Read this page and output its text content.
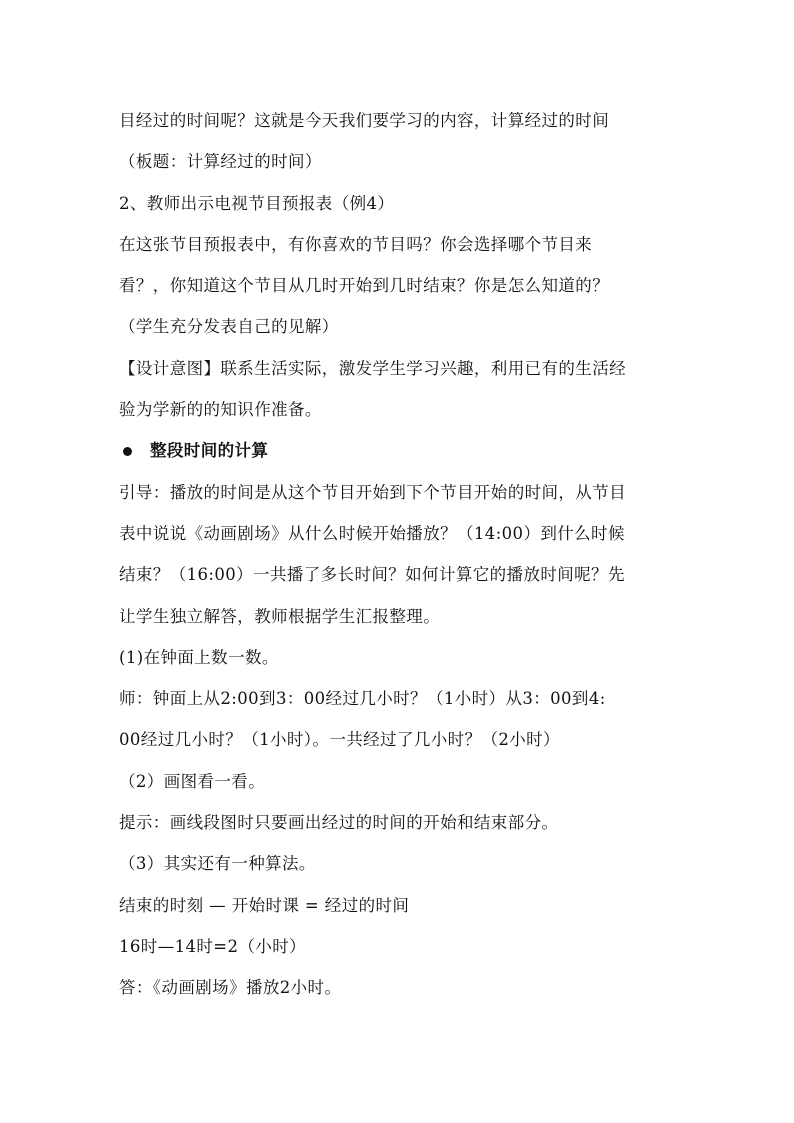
目经过的时间呢？这就是今天我们要学习的内容，计算经过的时间
（板题：计算经过的时间）
2、教师出示电视节目预报表（例4）
在这张节目预报表中，有你喜欢的节目吗？你会选择哪个节目来
看？，你知道这个节目从几时开始到几时结束？你是怎么知道的？
（学生充分发表自己的见解）
【设计意图】联系生活实际，激发学生学习兴趣，利用已有的生活经
验为学新的的知识作准备。
整段时间的计算
引导：播放的时间是从这个节目开始到下个节目开始的时间，从节目
表中说说《动画剧场》从什么时候开始播放？（14:00）到什么时候
结束？（16:00）一共播了多长时间？如何计算它的播放时间呢？先
让学生独立解答，教师根据学生汇报整理。
(1)在钟面上数一数。
师：钟面上从2:00到3：00经过几小时？（1小时）从3：00到4:
00经过几小时？（1小时）。一共经过了几小时？（2小时）
（2）画图看一看。
提示：画线段图时只要画出经过的时间的开始和结束部分。
（3）其实还有一种算法。
结束的时刻 — 开始时课 = 经过的时间
16时—14时=2（小时）
答：《动画剧场》播放2小时。
